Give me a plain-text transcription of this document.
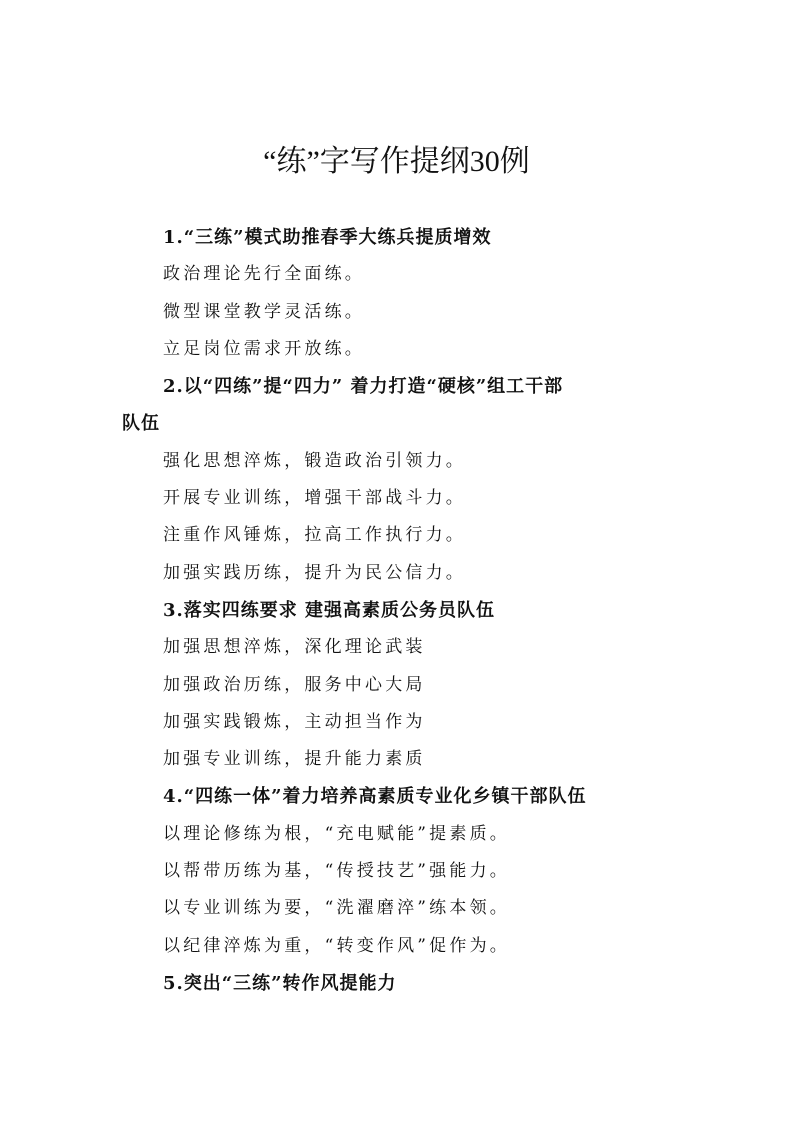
“练”字写作提纲30例
1.“三练”模式助推春季大练兵提质增效
政治理论先行全面练。
微型课堂教学灵活练。
立足岗位需求开放练。
2.以“四练”提“四力” 着力打造“硬核”组工干部
队伍
强化思想淬炼，锻造政治引领力。
开展专业训练，增强干部战斗力。
注重作风锤炼，拉高工作执行力。
加强实践历练，提升为民公信力。
3.落实四练要求 建强高素质公务员队伍
加强思想淬炼，深化理论武装
加强政治历练，服务中心大局
加强实践锻炼，主动担当作为
加强专业训练，提升能力素质
4.“四练一体”着力培养高素质专业化乡镇干部队伍
以理论修练为根，“充电赋能”提素质。
以帮带历练为基，“传授技艺”强能力。
以专业训练为要，“洗濯磨淬”练本领。
以纪律淬炼为重，“转变作风”促作为。
5.突出“三练”转作风提能力
